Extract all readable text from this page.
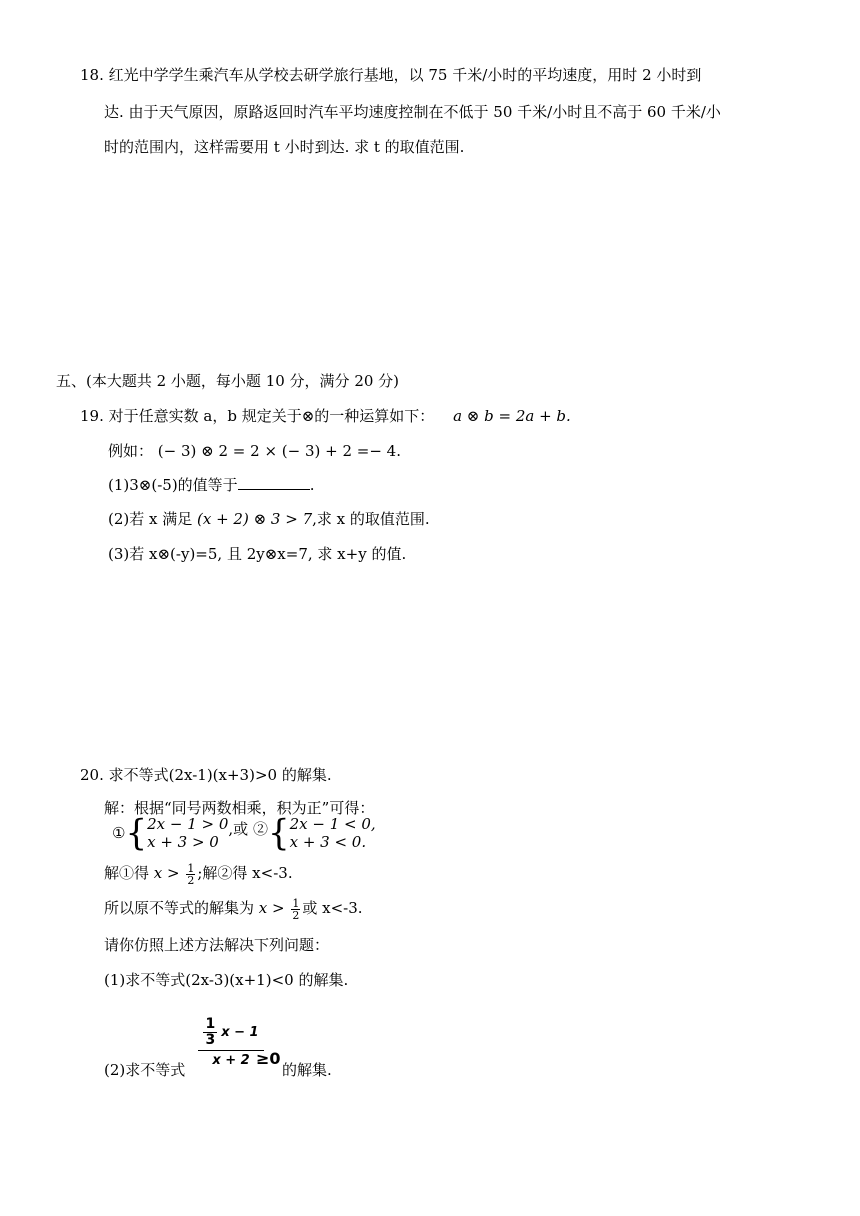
18. 红光中学学生乘汽车从学校去研学旅行基地，以 75 千米/小时的平均速度，用时 2 小时到
达. 由于天气原因，原路返回时汽车平均速度控制在不低于 50 千米/小时且不高于 60 千米/小
时的范围内，这样需要用 t 小时到达. 求 t 的取值范围.
五、(本大题共 2 小题，每小题 10 分，满分 20 分)
19. 对于任意实数 a，b 规定关于⊗的一种运算如下： a ⊗ b = 2a + b.
例如： (− 3) ⊗ 2 = 2 × (− 3) + 2 =− 4.
(1)3⊗(-5)的值等于	.
(2)若 x 满足 (x + 2) ⊗ 3 > 7,求 x 的取值范围.
(3)若 x⊗(-y)=5, 且 2y⊗x=7, 求 x+y 的值.
20. 求不等式(2x-1)(x+3)>0 的解集.
解：根据“同号两数相乘，积为正”可得：
① { 2x − 1 > 0
x + 3 > 0
,或 ② { 2x − 1 < 0,
x + 3 < 0.
解①得 $x > \frac{1}{2}$ ;解②得 x<-3.
所以原不等式的解集为 $x > \frac{1}{2}$ 或 x<-3.
请你仿照上述方法解决下列问题：
(1)求不等式(2x-3)(x+1)<0 的解集.
(2)求不等式
$\frac{1}{3}$ x − 1
x + 2 ≥0
的解集.
